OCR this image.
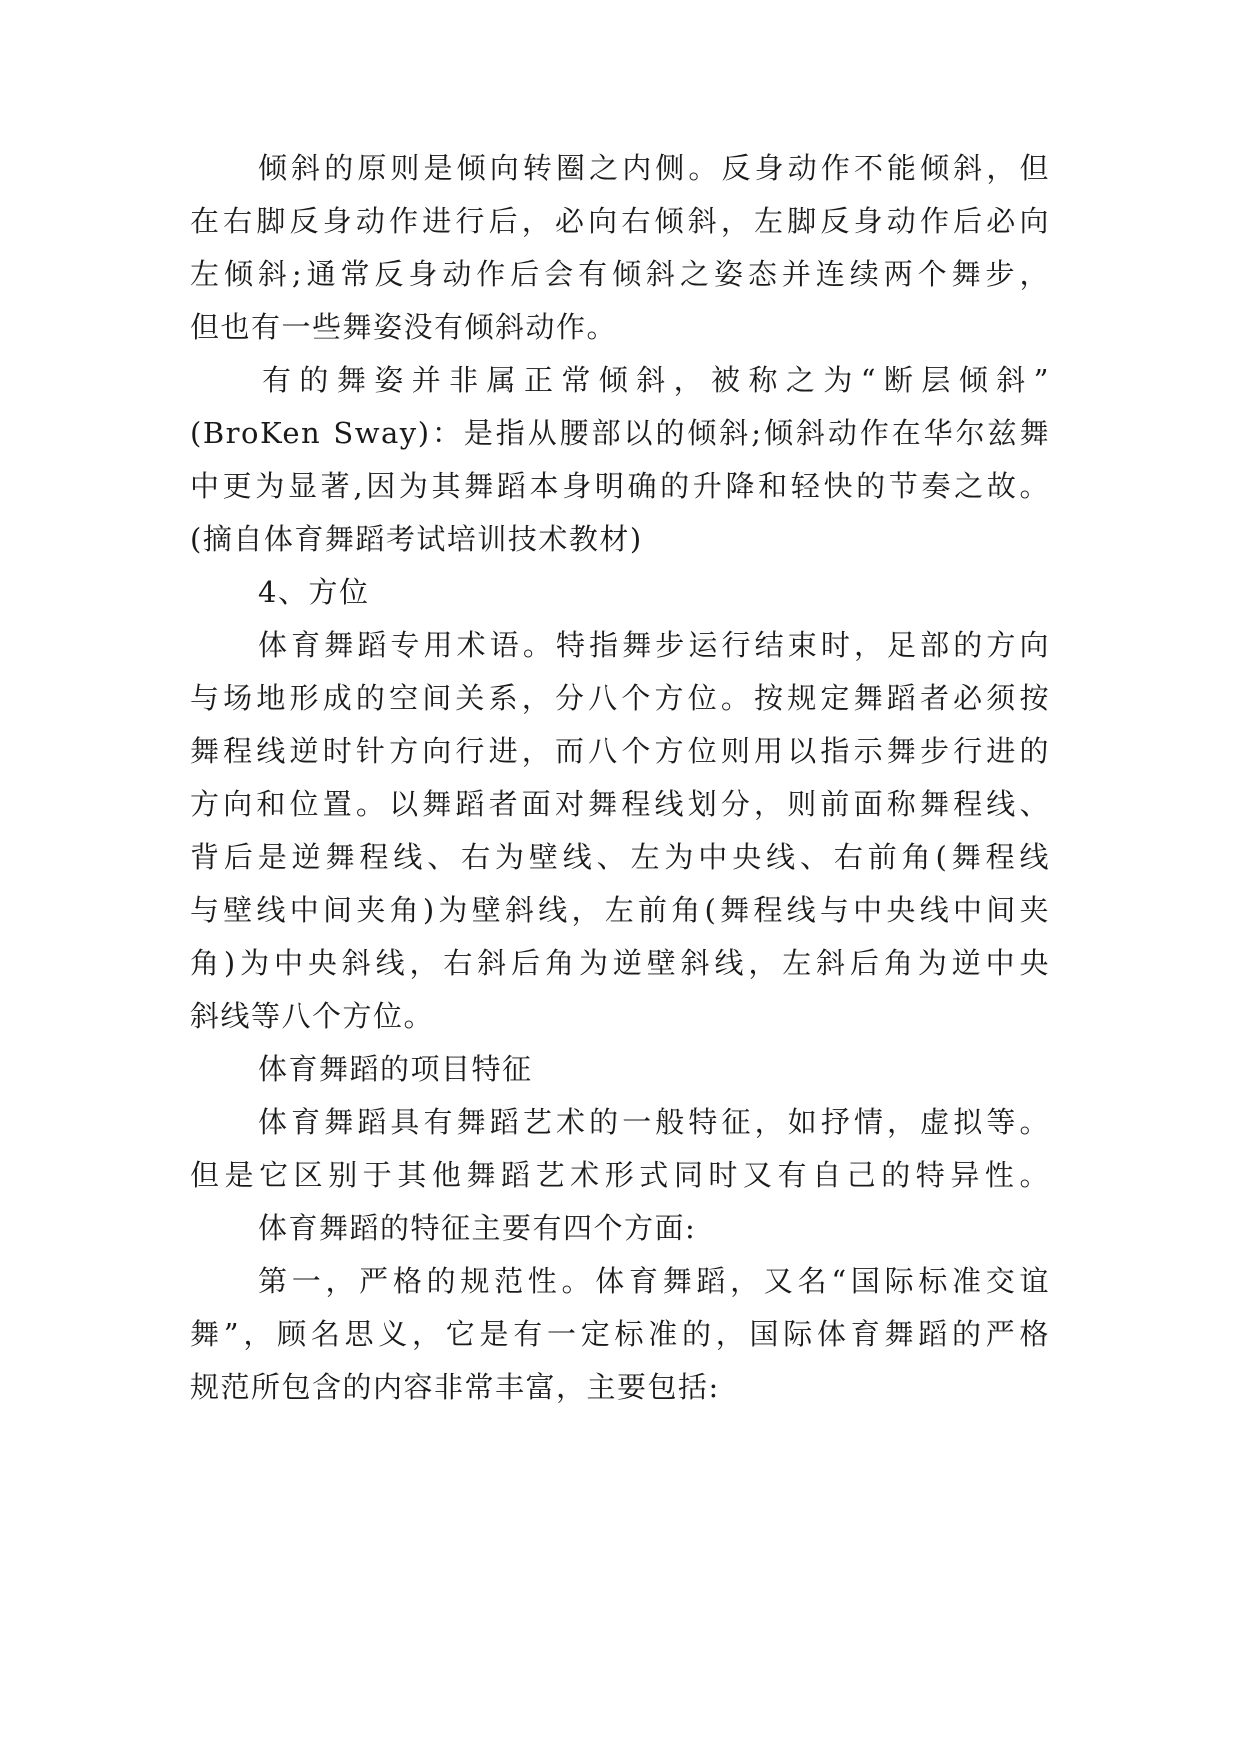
倾斜的原则是倾向转圈之内侧。反身动作不能倾斜，但
在右脚反身动作进行后，必向右倾斜，左脚反身动作后必向
左倾斜;通常反身动作后会有倾斜之姿态并连续两个舞步，
但也有一些舞姿没有倾斜动作。
有的舞姿并非属正常倾斜，被称之为“断层倾斜”
(BroKen Sway)：是指从腰部以的倾斜;倾斜动作在华尔兹舞
中更为显著,因为其舞蹈本身明确的升降和轻快的节奏之故。
(摘自体育舞蹈考试培训技术教材)
4、方位
体育舞蹈专用术语。特指舞步运行结束时，足部的方向
与场地形成的空间关系，分八个方位。按规定舞蹈者必须按
舞程线逆时针方向行进，而八个方位则用以指示舞步行进的
方向和位置。以舞蹈者面对舞程线划分，则前面称舞程线、
背后是逆舞程线、右为壁线、左为中央线、右前角(舞程线
与壁线中间夹角)为壁斜线，左前角(舞程线与中央线中间夹
角)为中央斜线，右斜后角为逆壁斜线，左斜后角为逆中央
斜线等八个方位。
体育舞蹈的项目特征
体育舞蹈具有舞蹈艺术的一般特征，如抒情，虚拟等。
但是它区别于其他舞蹈艺术形式同时又有自己的特异性。
体育舞蹈的特征主要有四个方面:
第一，严格的规范性。体育舞蹈，又名“国际标准交谊
舞”，顾名思义，它是有一定标准的，国际体育舞蹈的严格
规范所包含的内容非常丰富，主要包括:
